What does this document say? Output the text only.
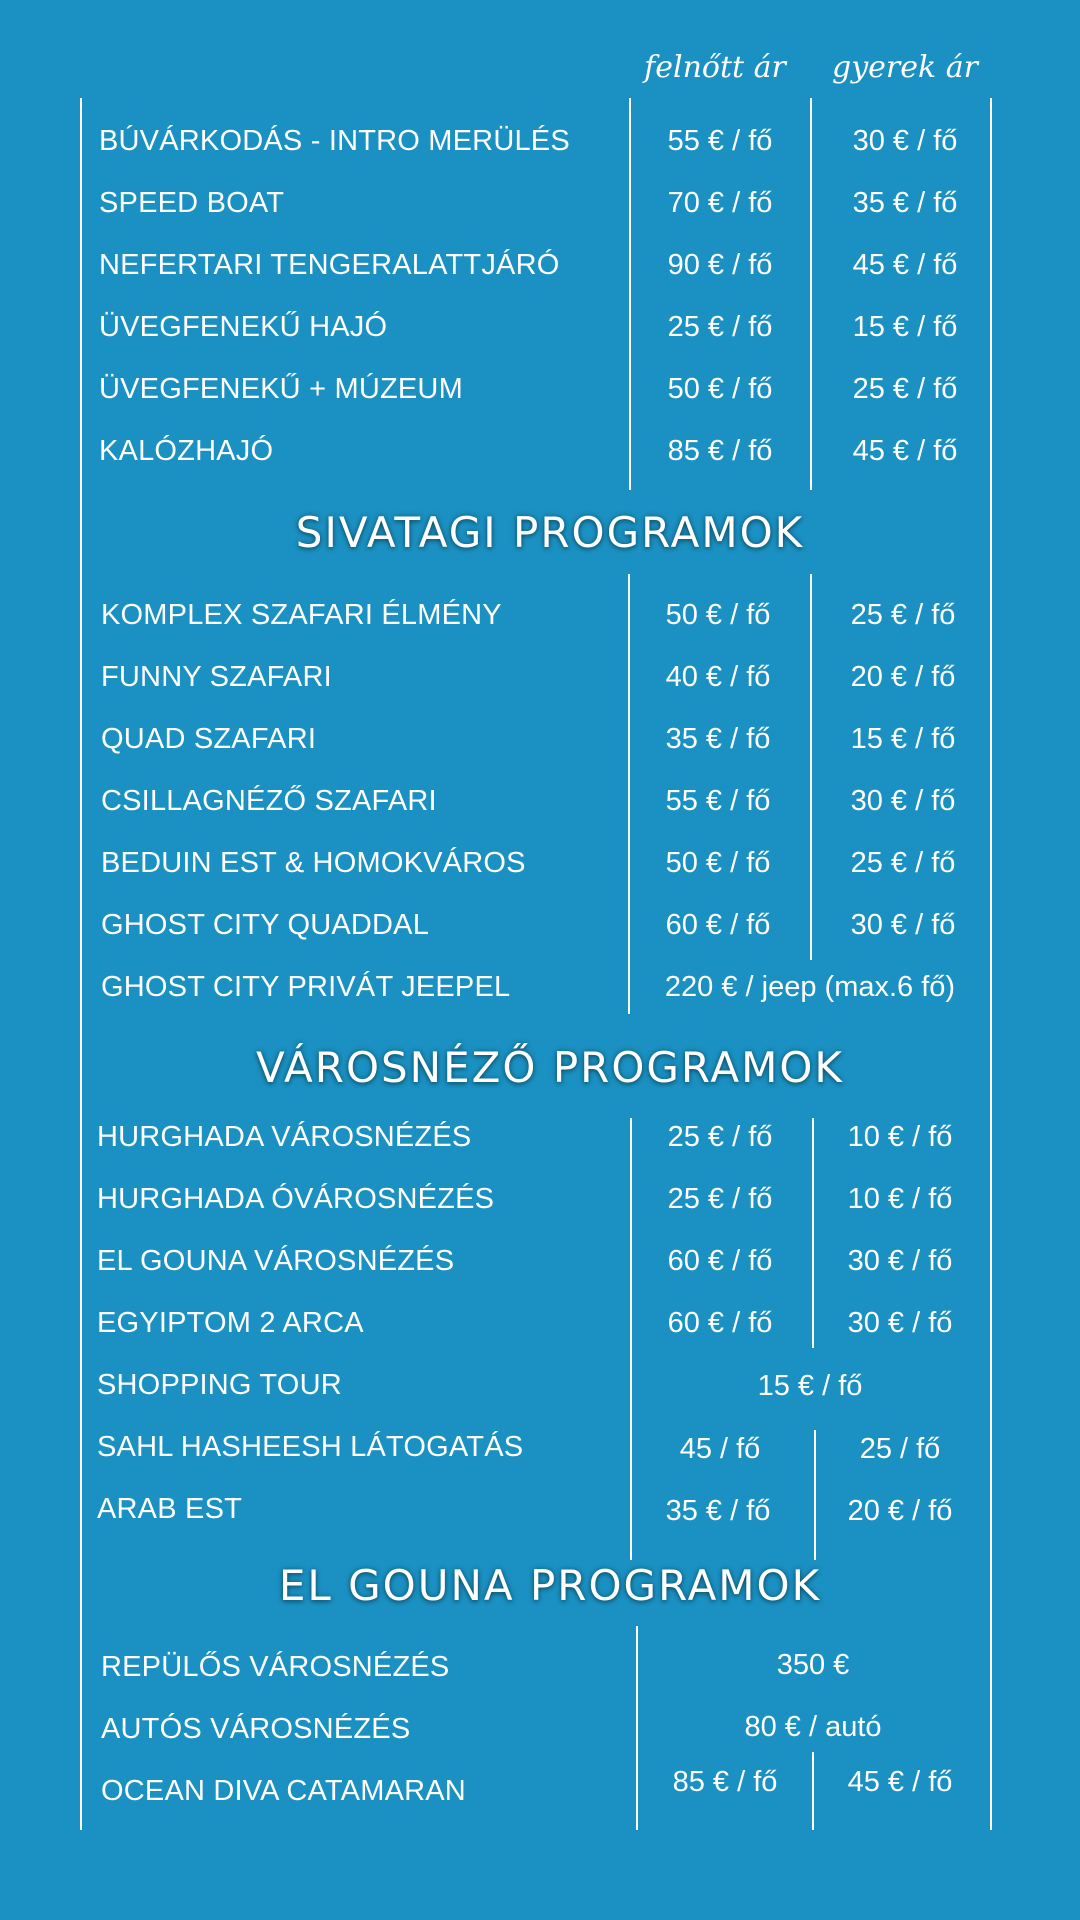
felnőtt ár	gyerek ár
BÚVÁRKODÁS - INTRO MERÜLÉS	55 € / fő	30 € / fő
SPEED BOAT	70 € / fő	35 € / fő
NEFERTARI TENGERALATTJÁRÓ	90 € / fő	45 € / fő
ÜVEGFENEKŰ HAJÓ	25 € / fő	15 € / fő
ÜVEGFENEKŰ + MÚZEUM	50 € / fő	25 € / fő
KALÓZHAJÓ	85 € / fő	45 € / fő
SIVATAGI PROGRAMOK
KOMPLEX SZAFARI ÉLMÉNY	50 € / fő	25 € / fő
FUNNY SZAFARI	40 € / fő	20 € / fő
QUAD SZAFARI	35 € / fő	15 € / fő
CSILLAGNÉZŐ SZAFARI	55 € / fő	30 € / fő
BEDUIN EST & HOMOKVÁROS	50 € / fő	25 € / fő
GHOST CITY QUADDAL	60 € / fő	30 € / fő
GHOST CITY PRIVÁT JEEPEL	220 € / jeep (max.6 fő)
VÁROSNÉZŐ PROGRAMOK
HURGHADA VÁROSNÉZÉS	25 € / fő	10 € / fő
HURGHADA ÓVÁROSNÉZÉS	25 € / fő	10 € / fő
EL GOUNA VÁROSNÉZÉS	60 € / fő	30 € / fő
EGYIPTOM 2 ARCA	60 € / fő	30 € / fő
SHOPPING TOUR	15 € / fő
SAHL HASHEESH LÁTOGATÁS	45 / fő	25 / fő
ARAB EST	35 € / fő	20 € / fő
EL GOUNA PROGRAMOK
REPÜLŐS VÁROSNÉZÉS	350 €
AUTÓS VÁROSNÉZÉS	80 € / autó
OCEAN DIVA CATAMARAN	85 € / fő	45 € / fő
